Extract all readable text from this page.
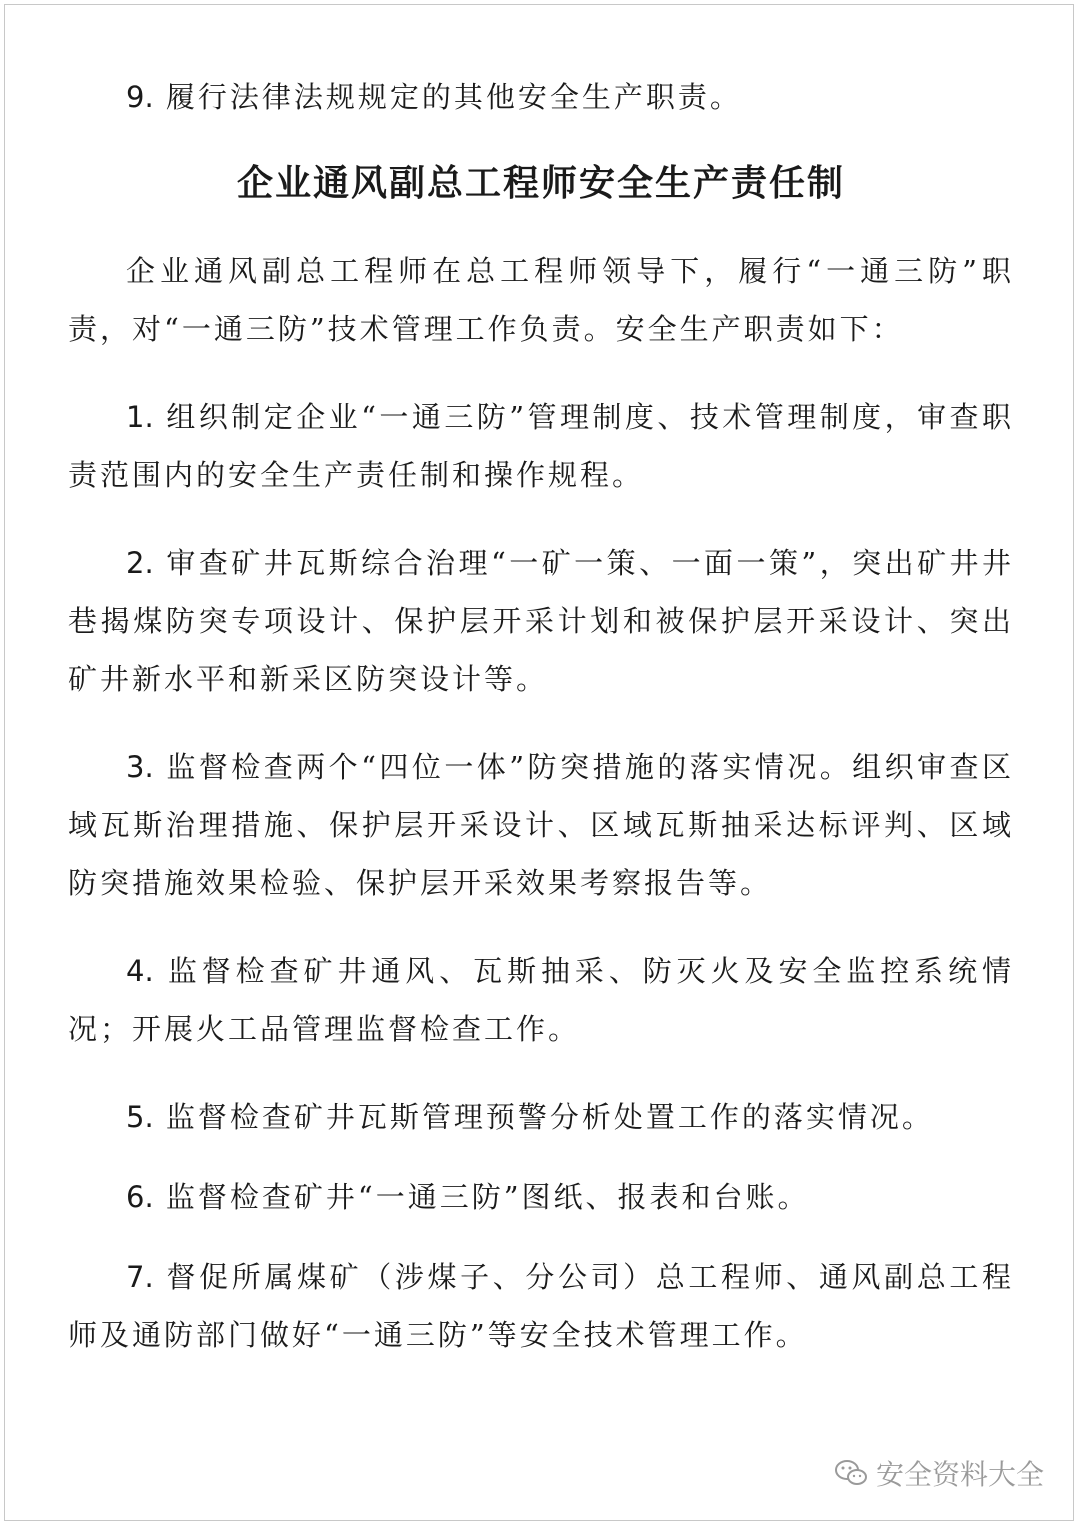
9. 履行法律法规规定的其他安全生产职责。

企业通风副总工程师安全生产责任制

企业通风副总工程师在总工程师领导下，履行“一通三防”职责，对“一通三防”技术管理工作负责。安全生产职责如下：

1. 组织制定企业“一通三防”管理制度、技术管理制度，审查职责范围内的安全生产责任制和操作规程。

2. 审查矿井瓦斯综合治理“一矿一策、一面一策”，突出矿井井巷揭煤防突专项设计、保护层开采计划和被保护层开采设计、突出矿井新水平和新采区防突设计等。

3. 监督检查两个“四位一体”防突措施的落实情况。组织审查区域瓦斯治理措施、保护层开采设计、区域瓦斯抽采达标评判、区域防突措施效果检验、保护层开采效果考察报告等。

4. 监督检查矿井通风、瓦斯抽采、防灭火及安全监控系统情况；开展火工品管理监督检查工作。

5. 监督检查矿井瓦斯管理预警分析处置工作的落实情况。

6. 监督检查矿井“一通三防”图纸、报表和台账。

7. 督促所属煤矿（涉煤子、分公司）总工程师、通风副总工程师及通防部门做好“一通三防”等安全技术管理工作。

安全资料大全
